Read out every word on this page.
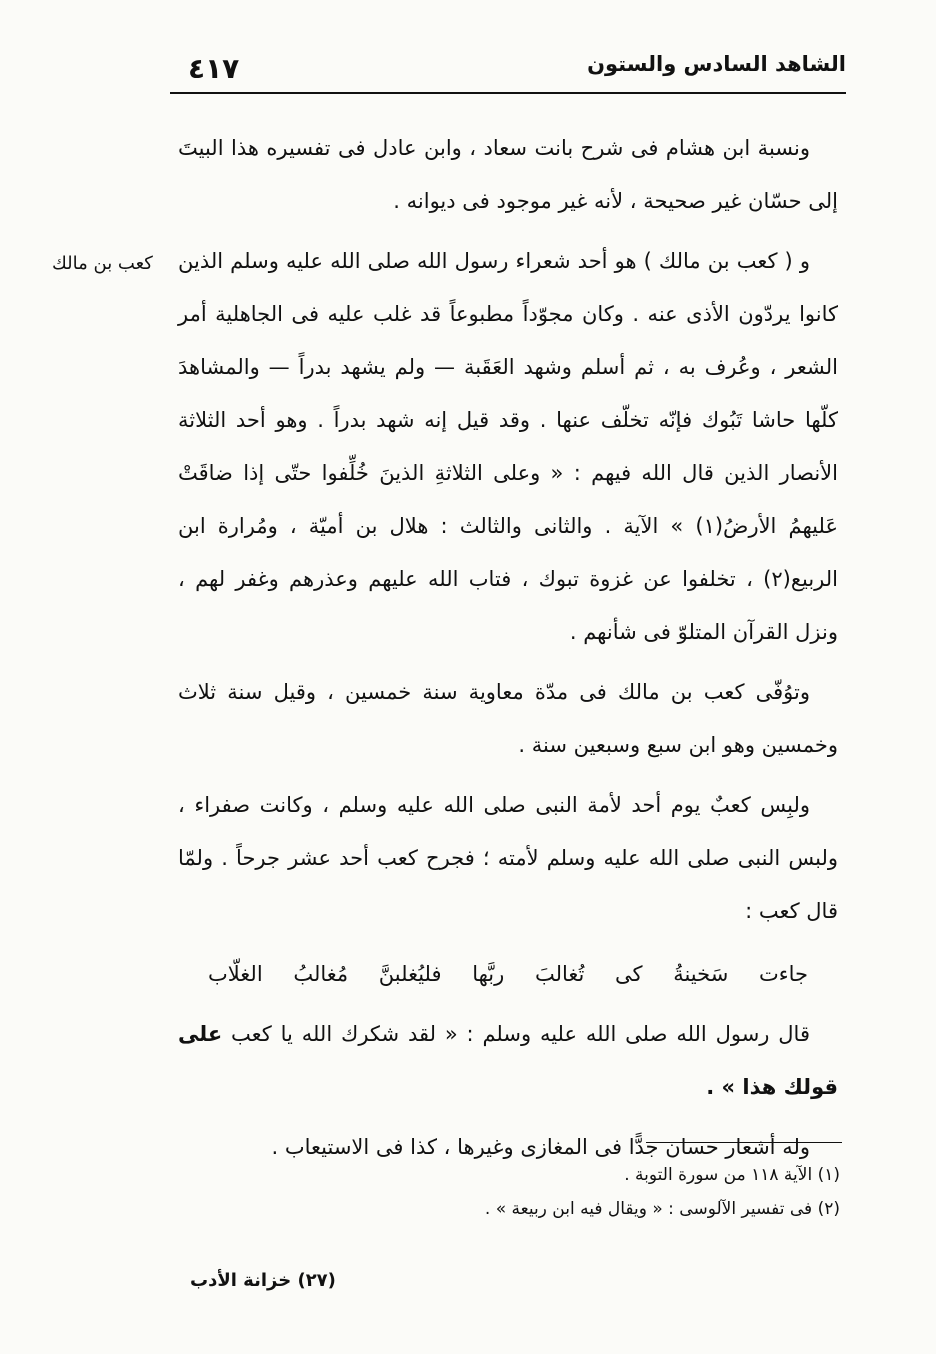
٤١٧	الشاهد السادس والستون
كعب بن مالك

ونسبة ابن هشام فى شرح بانت سعاد ، وابن عادل فى تفسيره هذا البيتَ إلى حسّان غير صحيحة ، لأنه غير موجود فى ديوانه .

و ( كعب بن مالك ) هو أحد شعراء رسول الله صلى الله عليه وسلم الذين كانوا يردّون الأذى عنه . وكان مجوّداً مطبوعاً قد غلب عليه فى الجاهلية أمر الشعر ، وعُرف به ، ثم أسلم وشهد العَقَبة — ولم يشهد بدراً — والمشاهدَ كلّها حاشا تَبُوك فإنّه تخلّف عنها . وقد قيل إنه شهد بدراً . وهو أحد الثلاثة الأنصار الذين قال الله فيهم : « وعلى الثلاثةِ الذينَ خُلِّفوا حتّى إذا ضاقَتْ عَليهمُ الأرضُ(١) » الآية . والثانى والثالث : هلال بن أميّة ، ومُرارة ابن الربيع(٢) ، تخلفوا عن غزوة تبوك ، فتاب الله عليهم وعذرهم وغفر لهم ، ونزل القرآن المتلوّ فى شأنهم .

وتوُفّى كعب بن مالك فى مدّة معاوية سنة خمسين ، وقيل سنة ثلاث وخمسين وهو ابن سبع وسبعين سنة .

ولبِس كعبٌ يوم أحد لأمة النبى صلى الله عليه وسلم ، وكانت صفراء ، ولبس النبى صلى الله عليه وسلم لأمته ؛ فجرح كعب أحد عشر جرحاً . ولمّا قال كعب :

جاءت سَخينةُ كى تُغالبَ ربَّها فليُغلبنَّ مُغالبُ الغلّاب

قال رسول الله صلى الله عليه وسلم : « لقد شكرك الله يا كعب على قولك هذا » .

وله أشعار حسان جدًّا فى المغازى وغيرها ، كذا فى الاستيعاب .

(١) الآية ١١٨ من سورة التوبة .

(٢) فى تفسير الآلوسى : « ويقال فيه ابن ربيعة » .

(٢٧) خزانة الأدب
